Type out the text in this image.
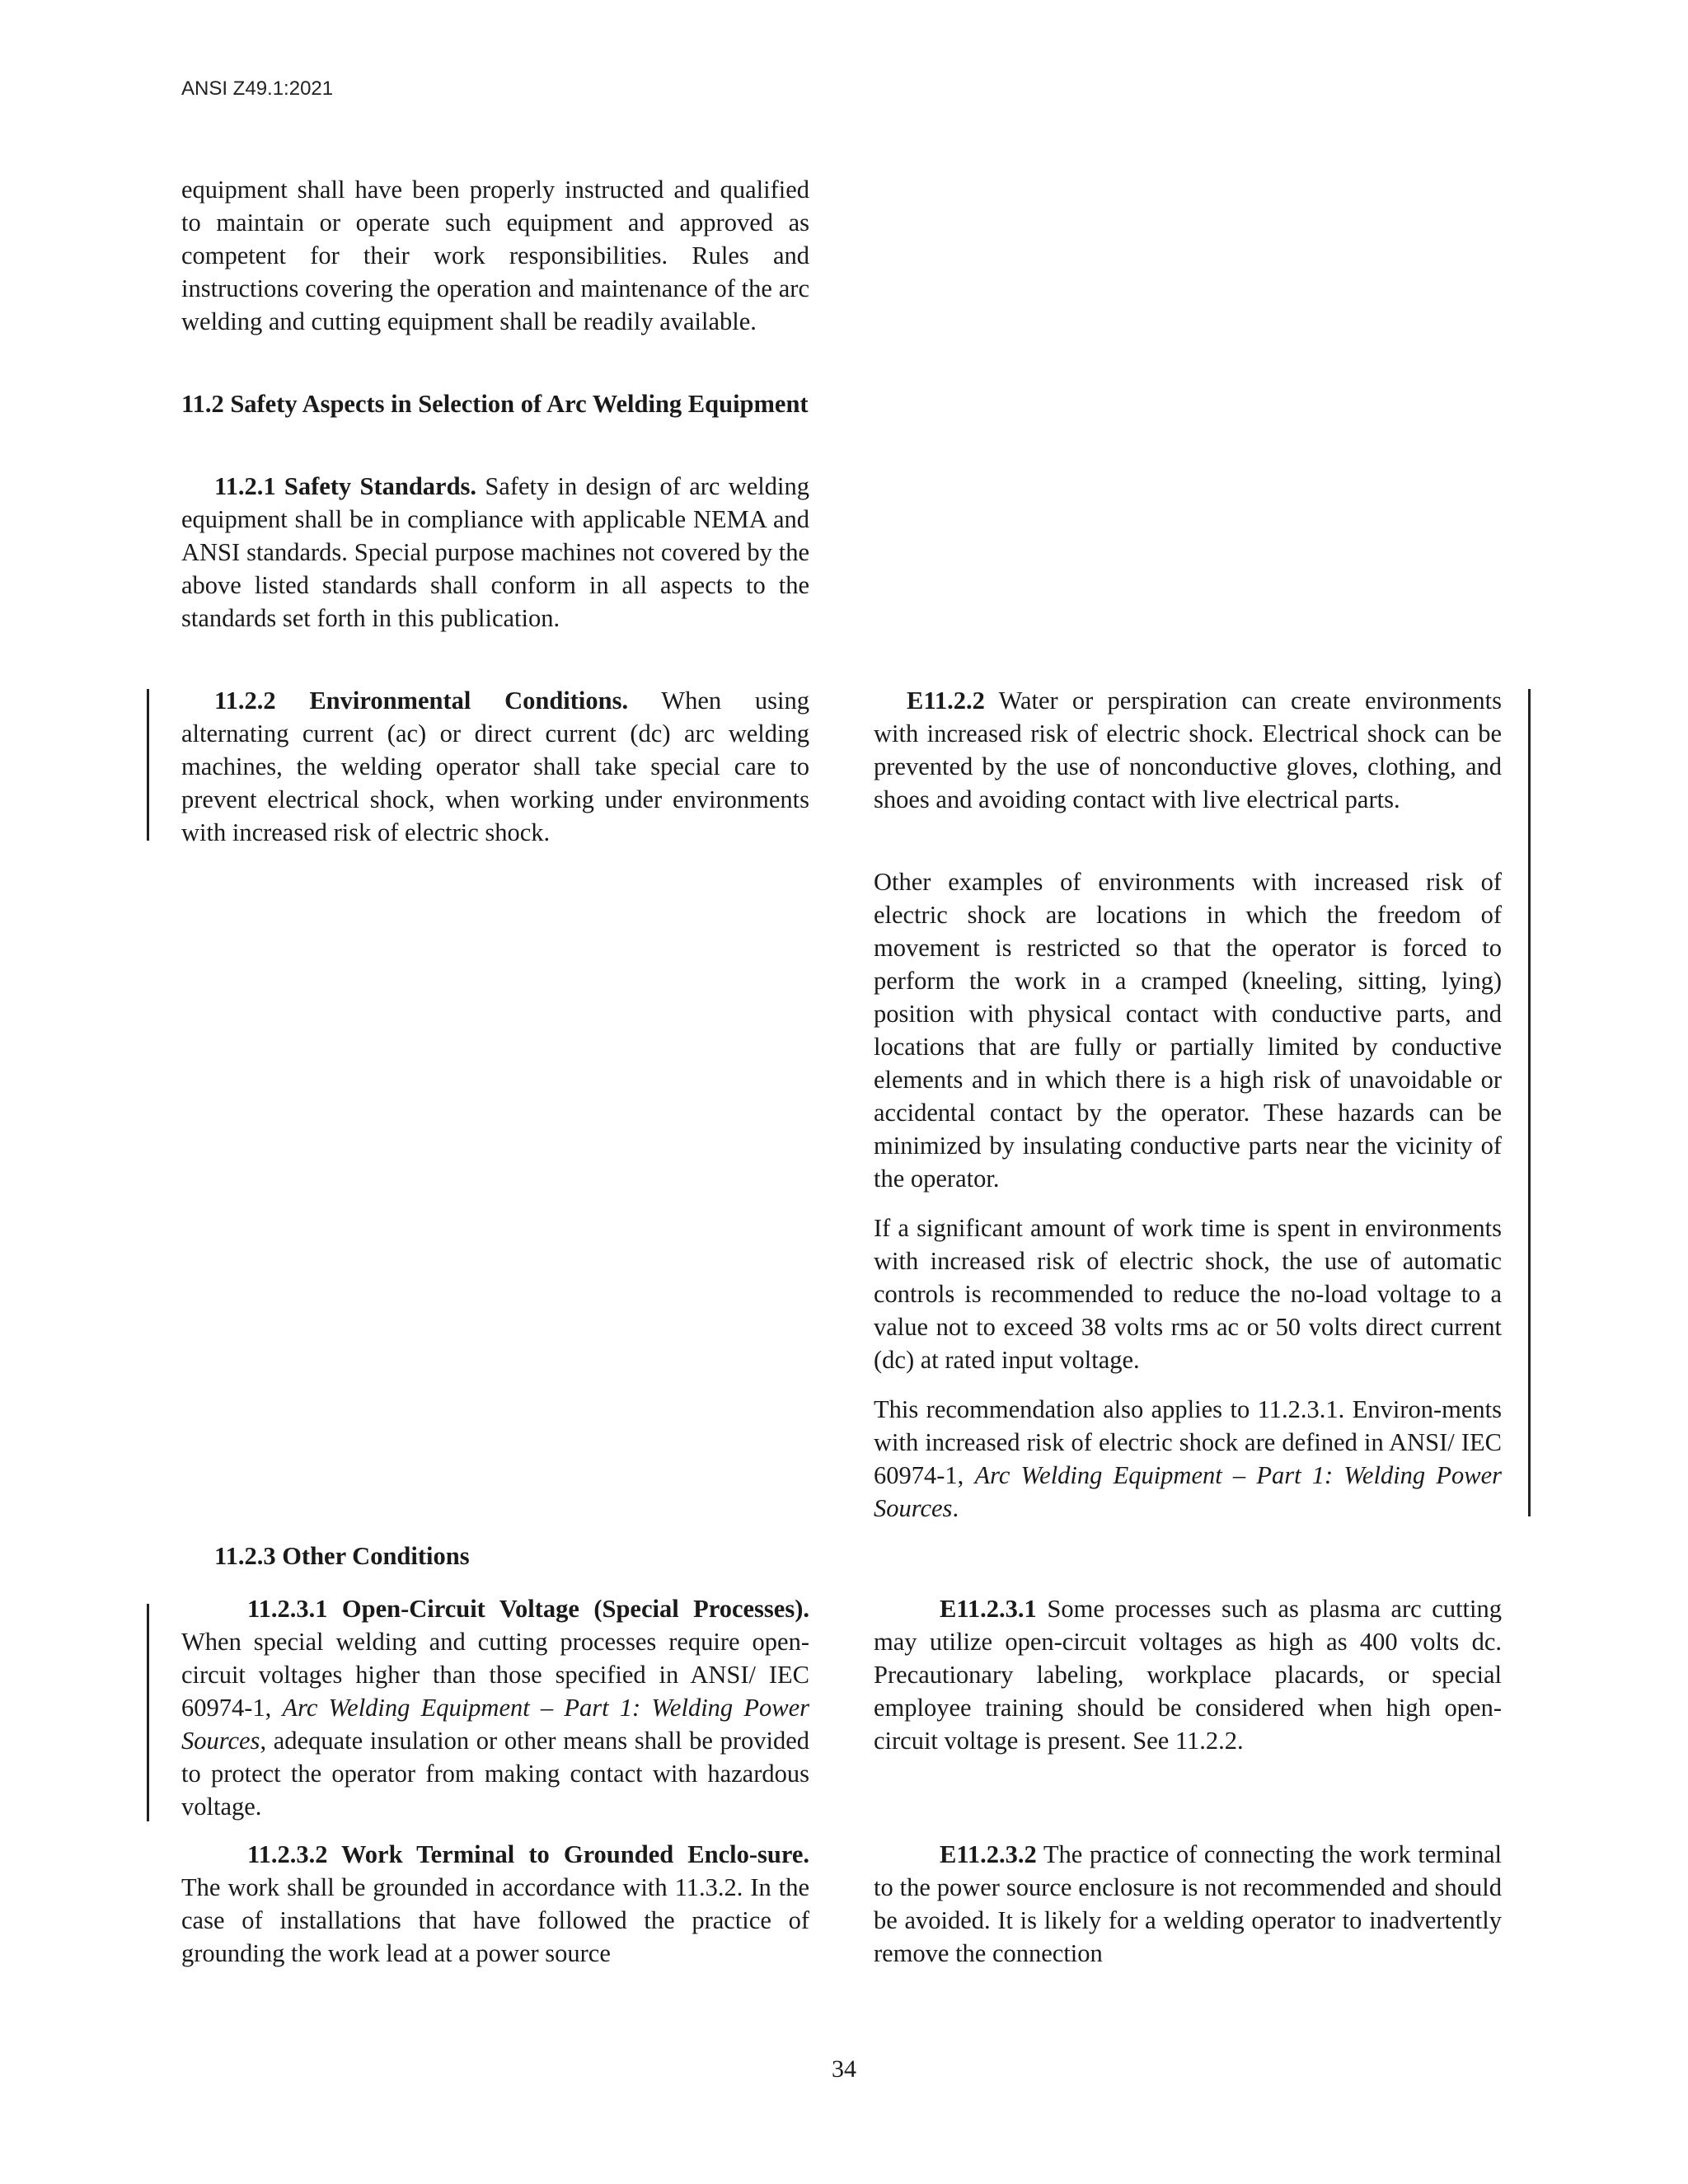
ANSI Z49.1:2021

equipment shall have been properly instructed and qualified to maintain or operate such equipment and approved as competent for their work responsibilities. Rules and instructions covering the operation and maintenance of the arc welding and cutting equipment shall be readily available.

11.2 Safety Aspects in Selection of Arc Welding Equipment

11.2.1 Safety Standards. Safety in design of arc welding equipment shall be in compliance with applicable NEMA and ANSI standards. Special purpose machines not covered by the above listed standards shall conform in all aspects to the standards set forth in this publication.

11.2.2 Environmental Conditions. When using alternating current (ac) or direct current (dc) arc welding machines, the welding operator shall take special care to prevent electrical shock, when working under environments with increased risk of electric shock.

11.2.3 Other Conditions

11.2.3.1 Open-Circuit Voltage (Special Processes). When special welding and cutting processes require open-circuit voltages higher than those specified in ANSI/ IEC 60974-1, Arc Welding Equipment – Part 1: Welding Power Sources, adequate insulation or other means shall be provided to protect the operator from making contact with hazardous voltage.

11.2.3.2 Work Terminal to Grounded Enclo-sure. The work shall be grounded in accordance with 11.3.2. In the case of installations that have followed the practice of grounding the work lead at a power source

E11.2.2 Water or perspiration can create environments with increased risk of electric shock. Electrical shock can be prevented by the use of nonconductive gloves, clothing, and shoes and avoiding contact with live electrical parts.

Other examples of environments with increased risk of electric shock are locations in which the freedom of movement is restricted so that the operator is forced to perform the work in a cramped (kneeling, sitting, lying) position with physical contact with conductive parts, and locations that are fully or partially limited by conductive elements and in which there is a high risk of unavoidable or accidental contact by the operator. These hazards can be minimized by insulating conductive parts near the vicinity of the operator.

If a significant amount of work time is spent in environments with increased risk of electric shock, the use of automatic controls is recommended to reduce the no-load voltage to a value not to exceed 38 volts rms ac or 50 volts direct current (dc) at rated input voltage.

This recommendation also applies to 11.2.3.1. Environ-ments with increased risk of electric shock are defined in ANSI/ IEC 60974-1, Arc Welding Equipment – Part 1: Welding Power Sources.

E11.2.3.1 Some processes such as plasma arc cutting may utilize open-circuit voltages as high as 400 volts dc. Precautionary labeling, workplace placards, or special employee training should be considered when high open-circuit voltage is present. See 11.2.2.

E11.2.3.2 The practice of connecting the work terminal to the power source enclosure is not recommended and should be avoided. It is likely for a welding operator to inadvertently remove the connection

34
